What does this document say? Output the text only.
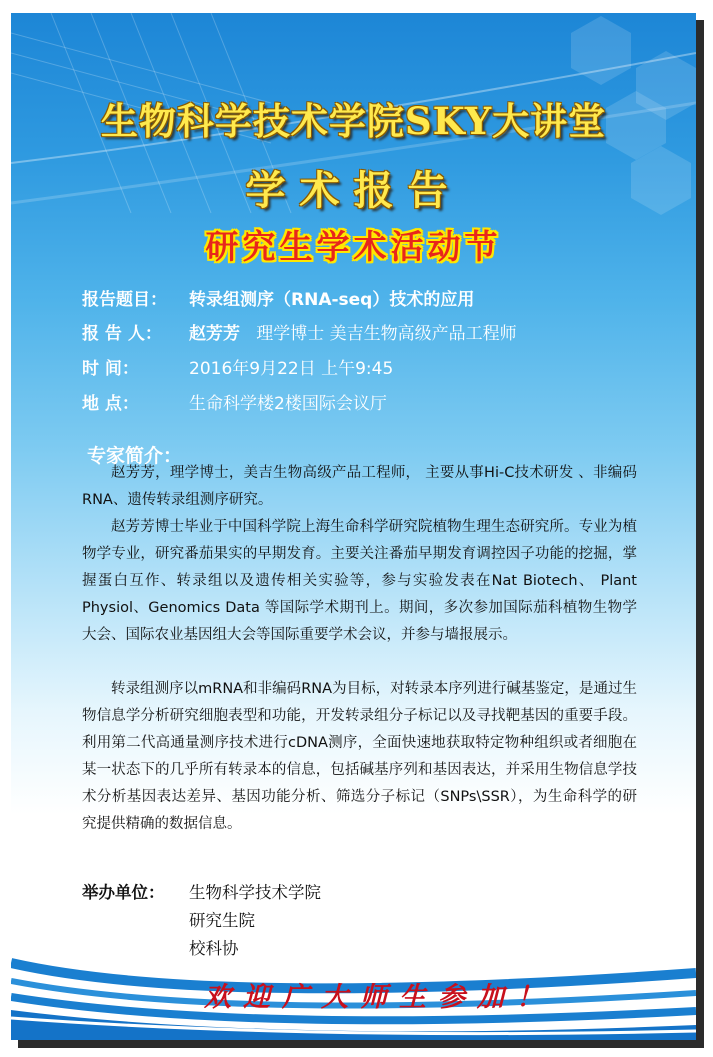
生物科学技术学院SKY大讲堂
学术报告
研究生学术活动节
报告题目： 转录组测序（RNA-seq）技术的应用
报 告 人： 赵芳芳 理学博士 美吉生物高级产品工程师
时 间：	2016年9月22日 上午9:45
地 点：	生命科学楼2楼国际会议厅
专家简介：

赵芳芳，理学博士，美吉生物高级产品工程师， 主要从事Hi-C技术研发 、非编码RNA、遗传转录组测序研究。

赵芳芳博士毕业于中国科学院上海生命科学研究院植物生理生态研究所。专业为植物学专业，研究番茄果实的早期发育。主要关注番茄早期发育调控因子功能的挖掘，掌握蛋白互作、转录组以及遗传相关实验等，参与实验发表在Nat Biotech、 Plant Physiol、Genomics Data 等国际学术期刊上。期间，多次参加国际茄科植物生物学大会、国际农业基因组大会等国际重要学术会议，并参与墙报展示。

转录组测序以mRNA和非编码RNA为目标，对转录本序列进行碱基鉴定，是通过生物信息学分析研究细胞表型和功能，开发转录组分子标记以及寻找靶基因的重要手段。利用第二代高通量测序技术进行cDNA测序，全面快速地获取特定物种组织或者细胞在某一状态下的几乎所有转录本的信息，包括碱基序列和基因表达，并采用生物信息学技术分析基因表达差异、基因功能分析、筛选分子标记（SNPs\SSR），为生命科学的研究提供精确的数据信息。

举办单位： 生物科学技术学院
研究生院
校科协
欢迎广大师生参加！
